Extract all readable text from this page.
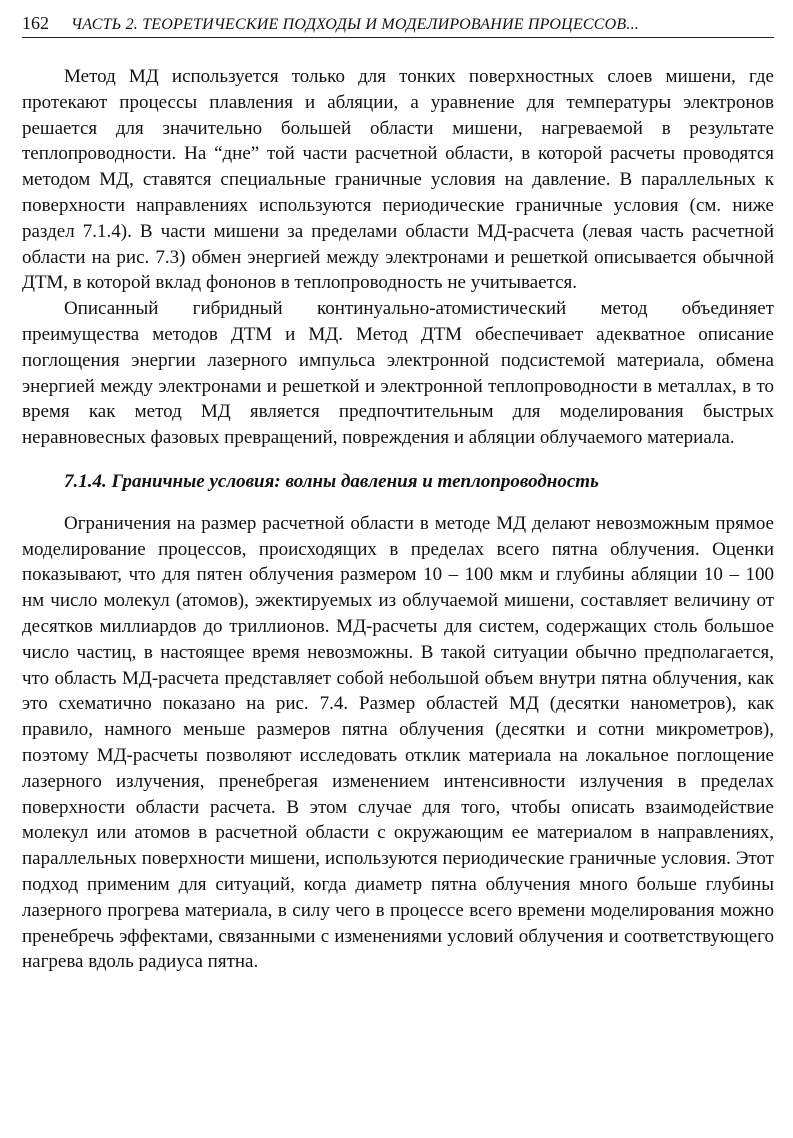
162 ЧАСТЬ 2. ТЕОРЕТИЧЕСКИЕ ПОДХОДЫ И МОДЕЛИРОВАНИЕ ПРОЦЕССОВ...

Метод МД используется только для тонких поверхностных слоев мишени, где протекают процессы плавления и абляции, а уравнение для температуры электронов решается для значительно большей области мишени, нагреваемой в результате теплопроводности. На “дне” той части расчетной области, в которой расчеты проводятся методом МД, ставятся специальные граничные условия на давление. В параллельных к поверхности направлениях используются периодические граничные условия (см. ниже раздел 7.1.4). В части мишени за пределами области МД-расчета (левая часть расчетной области на рис. 7.3) обмен энергией между электронами и решеткой описывается обычной ДТМ, в которой вклад фононов в теплопроводность не учитывается.

Описанный гибридный континуально-атомистический метод объединяет преимущества методов ДТМ и МД. Метод ДТМ обеспечивает адекватное описание поглощения энергии лазерного импульса электронной подсистемой материала, обмена энергией между электронами и решеткой и электронной теплопроводности в металлах, в то время как метод МД является предпочтительным для моделирования быстрых неравновесных фазовых превращений, повреждения и абляции облучаемого материала.

7.1.4. Граничные условия: волны давления и теплопроводность

Ограничения на размер расчетной области в методе МД делают невозможным прямое моделирование процессов, происходящих в пределах всего пятна облучения. Оценки показывают, что для пятен облучения размером 10 – 100 мкм и глубины абляции 10 – 100 нм число молекул (атомов), эжектируемых из облучаемой мишени, составляет величину от десятков миллиардов до триллионов. МД-расчеты для систем, содержащих столь большое число частиц, в настоящее время невозможны. В такой ситуации обычно предполагается, что область МД-расчета представляет собой небольшой объем внутри пятна облучения, как это схематично показано на рис. 7.4. Размер областей МД (десятки нанометров), как правило, намного меньше размеров пятна облучения (десятки и сотни микрометров), поэтому МД-расчеты позволяют исследовать отклик материала на локальное поглощение лазерного излучения, пренебрегая изменением интенсивности излучения в пределах поверхности области расчета. В этом случае для того, чтобы описать взаимодействие молекул или атомов в расчетной области с окружающим ее материалом в направлениях, параллельных поверхности мишени, используются периодические граничные условия. Этот подход применим для ситуаций, когда диаметр пятна облучения много больше глубины лазерного прогрева материала, в силу чего в процессе всего времени моделирования можно пренебречь эффектами, связанными с изменениями условий облучения и соответствующего нагрева вдоль радиуса пятна.
